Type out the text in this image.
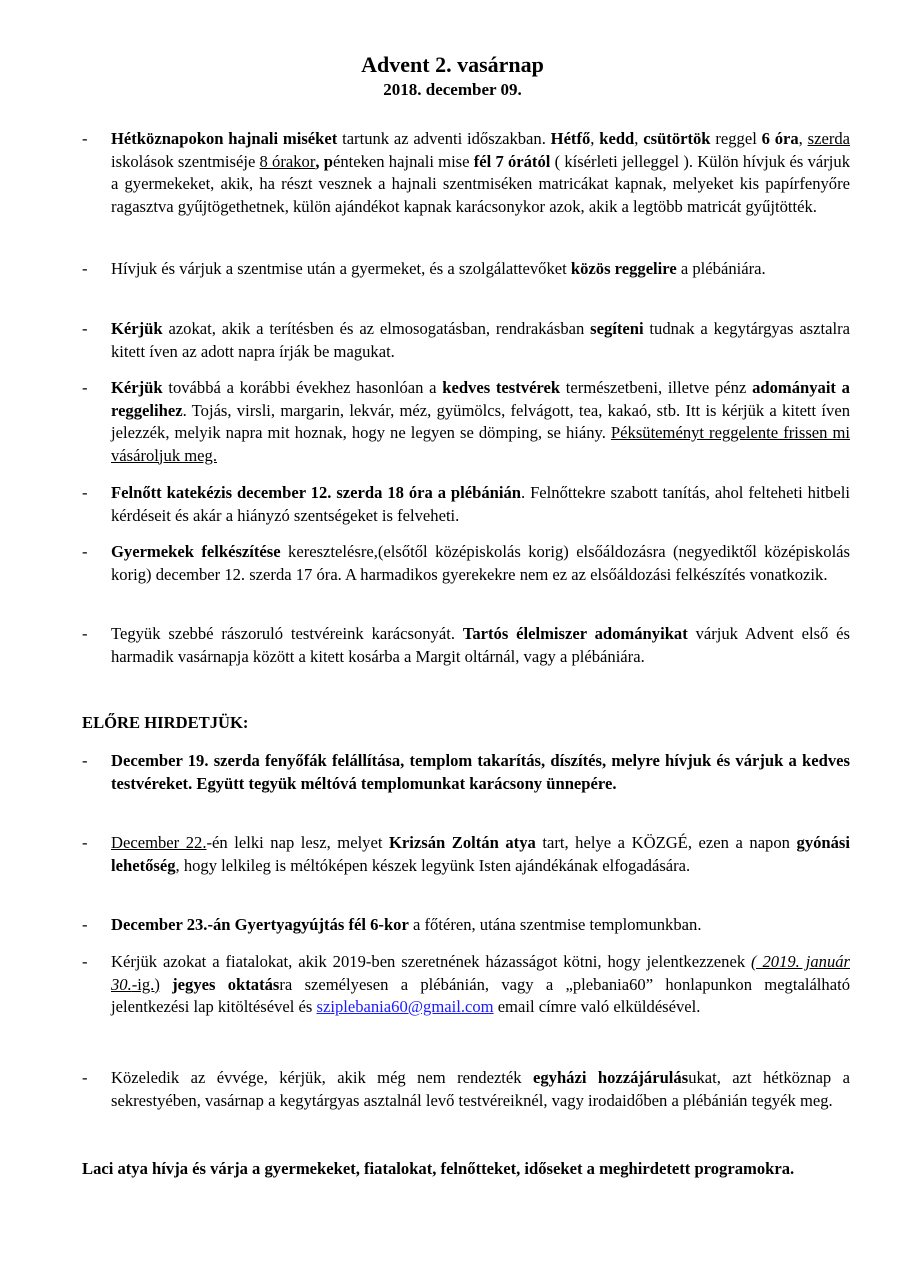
Advent 2. vasárnap
2018. december 09.
-	Hétköznapokon hajnali miséket tartunk az adventi időszakban. Hétfő, kedd, csütörtök reggel 6 óra, szerda iskolások szentmiséje 8 órakor, pénteken hajnali mise fél 7 órától ( kísérleti jelleggel ). Külön hívjuk és várjuk a gyermekeket, akik, ha részt vesznek a hajnali szentmiséken matricákat kapnak, melyeket kis papírfenyőre ragasztva gyűjtögethetnek, külön ajándékot kapnak karácsonykor azok, akik a legtöbb matricát gyűjtötték.
-	Hívjuk és várjuk a szentmise után a gyermeket, és a szolgálattevőket közös reggelire a plébániára.
-	Kérjük azokat, akik a terítésben és az elmosogatásban, rendrakásban segíteni tudnak a kegytárgyas asztalra kitett íven az adott napra írják be magukat.
-	Kérjük továbbá a korábbi évekhez hasonlóan a kedves testvérek természetbeni, illetve pénz adományait a reggelihez. Tojás, virsli, margarin, lekvár, méz, gyümölcs, felvágott, tea, kakaó, stb. Itt is kérjük a kitett íven jelezzék, melyik napra mit hoznak, hogy ne legyen se dömping, se hiány. Péksüteményt reggelente frissen mi vásároljuk meg.
-	Felnőtt katekézis december 12. szerda 18 óra a plébánián. Felnőttekre szabott tanítás, ahol felteheti hitbeli kérdéseit és akár a hiányzó szentségeket is felveheti.
-	Gyermekek felkészítése keresztelésre,(elsőtől középiskolás korig) elsőáldozásra (negyediktől középiskolás korig) december 12. szerda 17 óra. A harmadikos gyerekekre nem ez az elsőáldozási felkészítés vonatkozik.
-	Tegyük szebbé rászoruló testvéreink karácsonyát. Tartós élelmiszer adományikat várjuk Advent első és harmadik vasárnapja között a kitett kosárba a Margit oltárnál, vagy a plébániára.
ELŐRE HIRDETJÜK:
-	December 19. szerda fenyőfák felállítása, templom takarítás, díszítés, melyre hívjuk és várjuk a kedves testvéreket. Együtt tegyük méltóvá templomunkat karácsony ünnepére.
-	December 22.-én lelki nap lesz, melyet Krizsán Zoltán atya tart, helye a KÖZGÉ, ezen a napon gyónási lehetőség, hogy lelkileg is méltóképen készek legyünk Isten ajándékának elfogadására.
-	December 23.-án Gyertyagyújtás fél 6-kor a főtéren, utána szentmise templomunkban.
-	Kérjük azokat a fiatalokat, akik 2019-ben szeretnének házasságot kötni, hogy jelentkezzenek ( 2019. január 30.-ig.) jegyes oktatásra személyesen a plébánián, vagy a „plebania60” honlapunkon megtalálható jelentkezési lap kitöltésével és sziplebania60@gmail.com email címre való elküldésével.
-	Közeledik az évvége, kérjük, akik még nem rendezték egyházi hozzájárulásukat, azt hétköznap a sekrestyében, vasárnap a kegytárgyas asztalnál levő testvéreiknél, vagy irodaidőben a plébánián tegyék meg.
Laci atya hívja és várja a gyermekeket, fiatalokat, felnőtteket, időseket a meghirdetett programokra.
